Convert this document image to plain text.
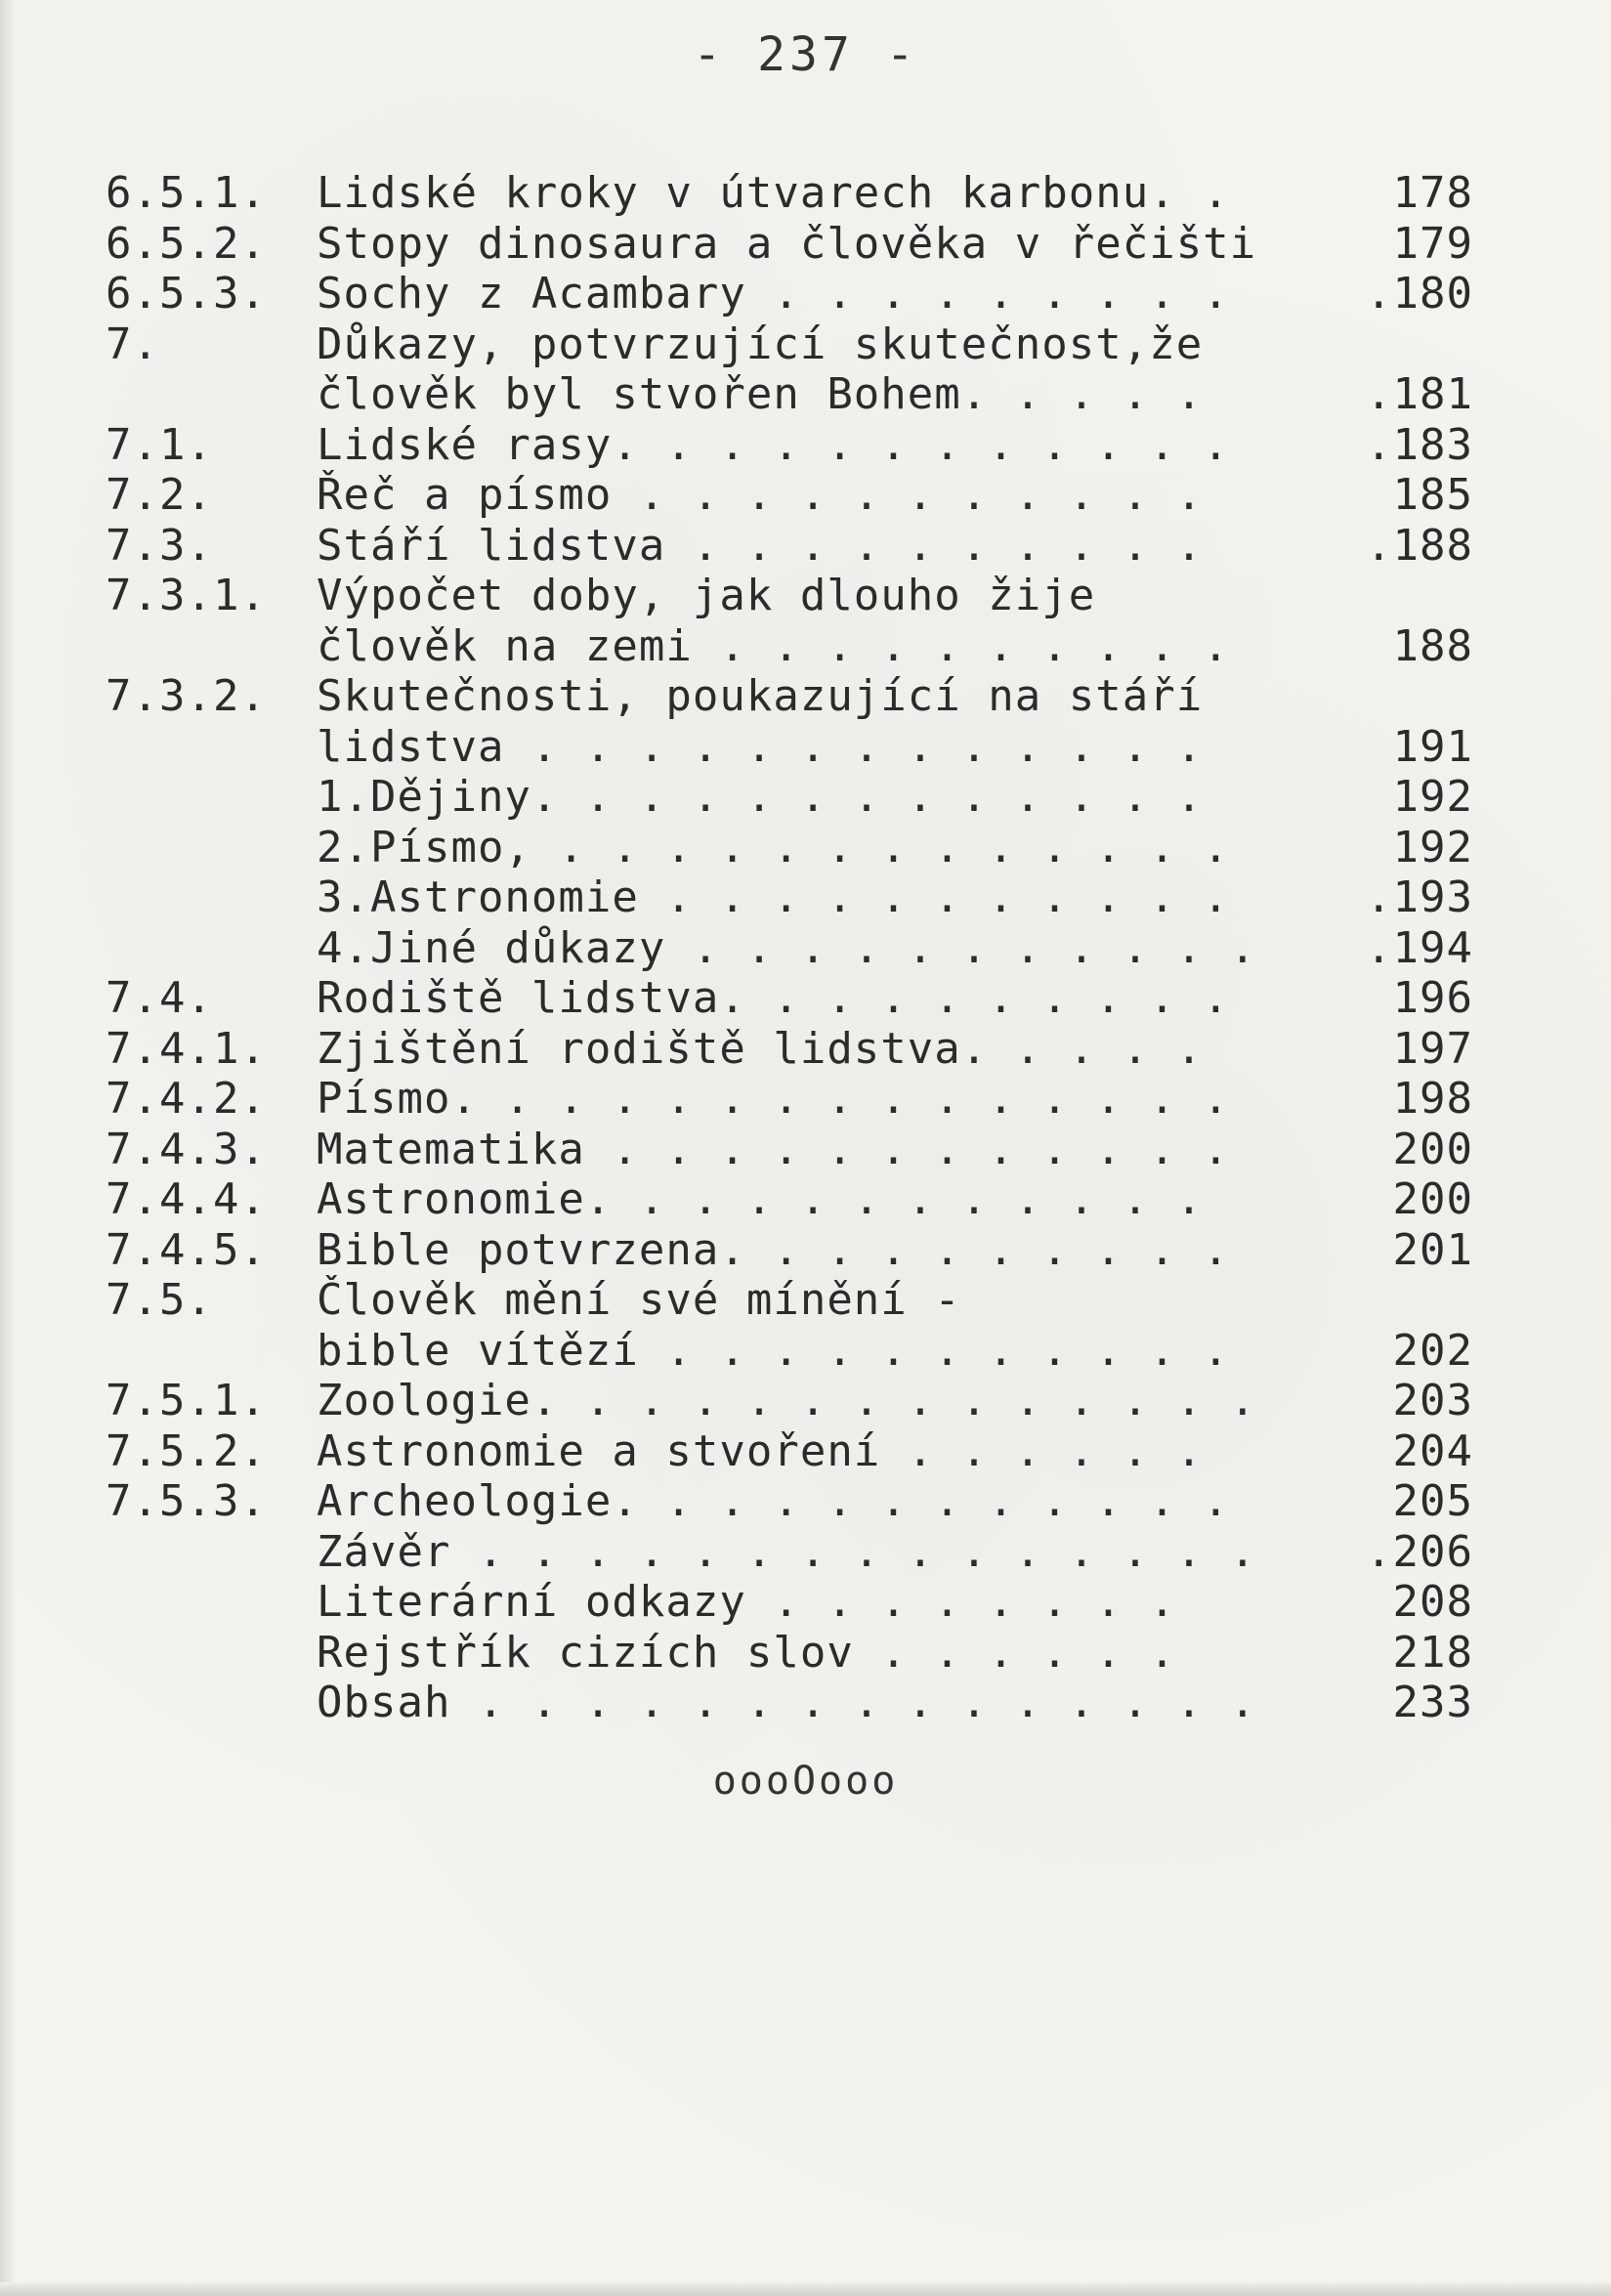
- 237 -
6.5.1.	Lidské kroky v útvarech karbonu. .	178
6.5.2.	Stopy dinosaura a člověka v řečišti	179
6.5.3.	Sochy z Acambary . . . . . . . . .	.180
7.	Důkazy, potvrzující skutečnost,že
člověk byl stvořen Bohem. . . . .	.181
7.1.	Lidské rasy. . . . . . . . . . . .	.183
7.2.	Řeč a písmo . . . . . . . . . . .	185
7.3.	Stáří lidstva . . . . . . . . . .	.188
7.3.1.	Výpočet doby, jak dlouho žije
člověk na zemi . . . . . . . . . .	188
7.3.2.	Skutečnosti, poukazující na stáří
lidstva . . . . . . . . . . . . .	191
1.Dějiny. . . . . . . . . . . . .	192
2.Písmo, . . . . . . . . . . . . .	192
3.Astronomie . . . . . . . . . . .	.193
4.Jiné důkazy . . . . . . . . . . .	.194
7.4.	Rodiště lidstva. . . . . . . . . .	196
7.4.1.	Zjištění rodiště lidstva. . . . .	197
7.4.2.	Písmo. . . . . . . . . . . . . . .	198
7.4.3.	Matematika . . . . . . . . . . . .	200
7.4.4.	Astronomie. . . . . . . . . . . .	200
7.4.5.	Bible potvrzena. . . . . . . . . .	201
7.5.	Člověk mění své mínění -
bible vítězí . . . . . . . . . . .	202
7.5.1.	Zoologie. . . . . . . . . . . . . .	203
7.5.2.	Astronomie a stvoření . . . . . .	204
7.5.3.	Archeologie. . . . . . . . . . . .	205
Závěr . . . . . . . . . . . . . . .	.206
Literární odkazy . . . . . . . .	208
Rejstřík cizích slov . . . . . .	218
Obsah . . . . . . . . . . . . . . .	233
oooOooo
